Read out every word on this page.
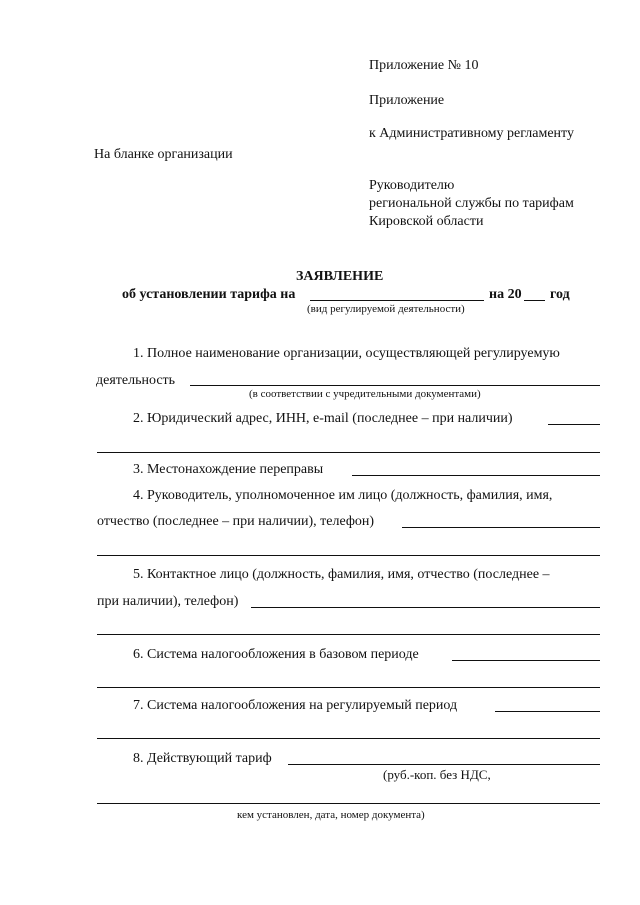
Приложение № 10
Приложение
к Административному регламенту
На бланке организации
Руководителю
региональной службы по тарифам
Кировской области
ЗАЯВЛЕНИЕ
об установлении тарифа на	на 20 год
(вид регулируемой деятельности)
1. Полное наименование организации, осуществляющей регулируемую
деятельность
(в соответствии с учредительными документами)
2. Юридический адрес, ИНН, e-mail (последнее – при наличии)
3. Местонахождение переправы
4. Руководитель, уполномоченное им лицо (должность, фамилия, имя,
отчество (последнее – при наличии), телефон)
5. Контактное лицо (должность, фамилия, имя, отчество (последнее –
при наличии), телефон)
6. Система налогообложения в базовом периоде
7. Система налогообложения на регулируемый период
8. Действующий тариф
(руб.-коп. без НДС,
кем установлен, дата, номер документа)
